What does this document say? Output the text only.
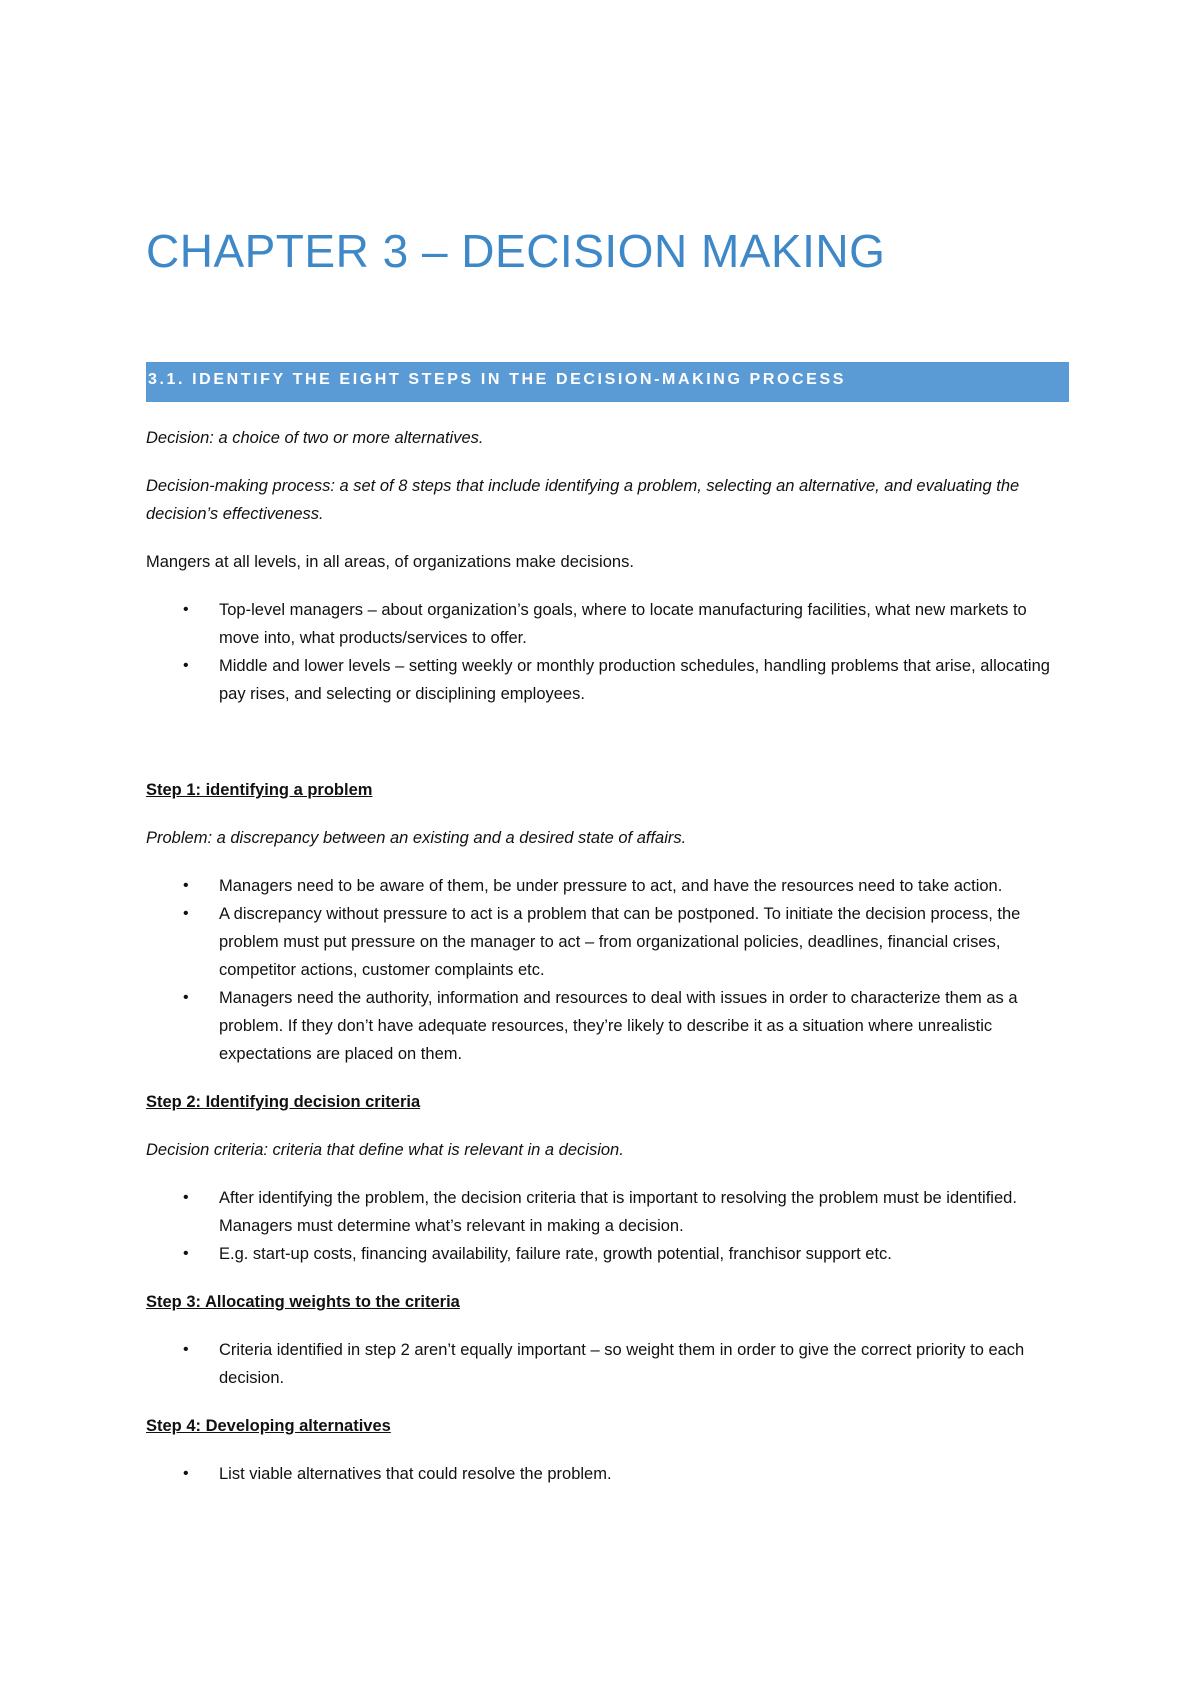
CHAPTER 3 – DECISION MAKING
3.1. IDENTIFY THE EIGHT STEPS IN THE DECISION-MAKING PROCESS

Decision: a choice of two or more alternatives.

Decision-making process: a set of 8 steps that include identifying a problem, selecting an alternative, and evaluating the decision’s effectiveness.

Mangers at all levels, in all areas, of organizations make decisions.

• Top-level managers – about organization’s goals, where to locate manufacturing facilities, what new markets to move into, what products/services to offer.
• Middle and lower levels – setting weekly or monthly production schedules, handling problems that arise, allocating pay rises, and selecting or disciplining employees.

Step 1: identifying a problem

Problem: a discrepancy between an existing and a desired state of affairs.

• Managers need to be aware of them, be under pressure to act, and have the resources need to take action.
• A discrepancy without pressure to act is a problem that can be postponed. To initiate the decision process, the problem must put pressure on the manager to act – from organizational policies, deadlines, financial crises, competitor actions, customer complaints etc.
• Managers need the authority, information and resources to deal with issues in order to characterize them as a problem. If they don’t have adequate resources, they’re likely to describe it as a situation where unrealistic expectations are placed on them.

Step 2: Identifying decision criteria

Decision criteria: criteria that define what is relevant in a decision.

• After identifying the problem, the decision criteria that is important to resolving the problem must be identified. Managers must determine what’s relevant in making a decision.
• E.g. start-up costs, financing availability, failure rate, growth potential, franchisor support etc.

Step 3: Allocating weights to the criteria

• Criteria identified in step 2 aren’t equally important – so weight them in order to give the correct priority to each decision.

Step 4: Developing alternatives

• List viable alternatives that could resolve the problem.
